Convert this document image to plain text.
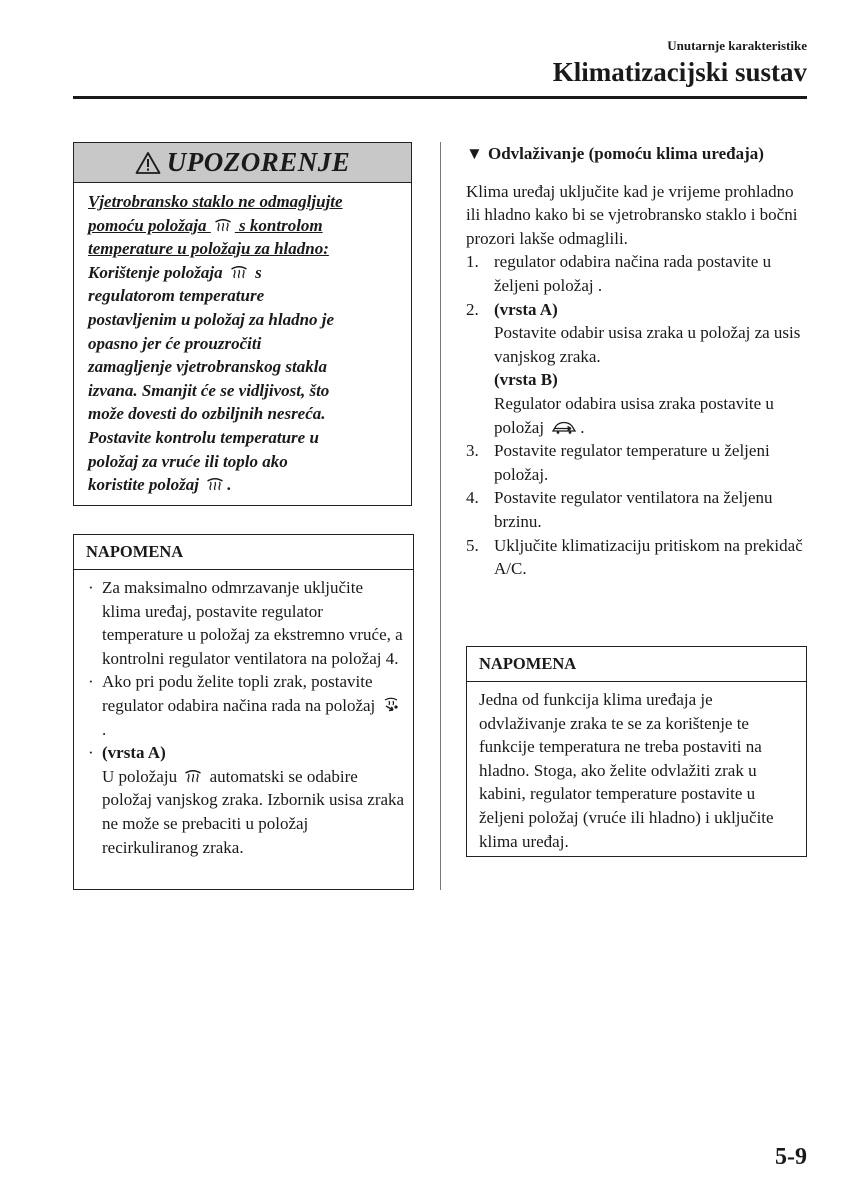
Unutarnje karakteristike
Klimatizacijski sustav
UPOZORENJE
Vjetrobransko staklo ne odmagljujte
pomoću položaja s kontrolom
temperature u položaju za hladno:
Korištenje položaja s
regulatorom temperature
postavljenim u položaj za hladno je
opasno jer će prouzročiti
zamagljenje vjetrobranskog stakla
izvana. Smanjit će se vidljivost, što
može dovesti do ozbiljnih nesreća.
Postavite kontrolu temperature u
položaj za vruće ili toplo ako
koristite položaj .
NAPOMENA
· Za maksimalno odmrzavanje uključite klima uređaj, postavite regulator temperature u položaj za ekstremno vruće, a kontrolni regulator ventilatora na položaj 4.
· Ako pri podu želite topli zrak, postavite regulator odabira načina rada na položaj .
· (vrsta A)
U položaju automatski se odabire položaj vanjskog zraka. Izbornik usisa zraka ne može se prebaciti u položaj recirkuliranog zraka.
▼ Odvlaživanje (pomoću klima uređaja)
Klima uređaj uključite kad je vrijeme prohladno ili hladno kako bi se vjetrobransko staklo i bočni prozori lakše odmaglili.
1. regulator odabira načina rada postavite u željeni položaj .
2. (vrsta A)
Postavite odabir usisa zraka u položaj za usis vanjskog zraka.
(vrsta B)
Regulator odabira usisa zraka postavite u položaj .
3. Postavite regulator temperature u željeni položaj.
4. Postavite regulator ventilatora na željenu brzinu.
5. Uključite klimatizaciju pritiskom na prekidač A/C.
NAPOMENA
Jedna od funkcija klima uređaja je odvlaživanje zraka te se za korištenje te funkcije temperatura ne treba postaviti na hladno. Stoga, ako želite odvlažiti zrak u kabini, regulator temperature postavite u željeni položaj (vruće ili hladno) i uključite klima uređaj.
5-9
